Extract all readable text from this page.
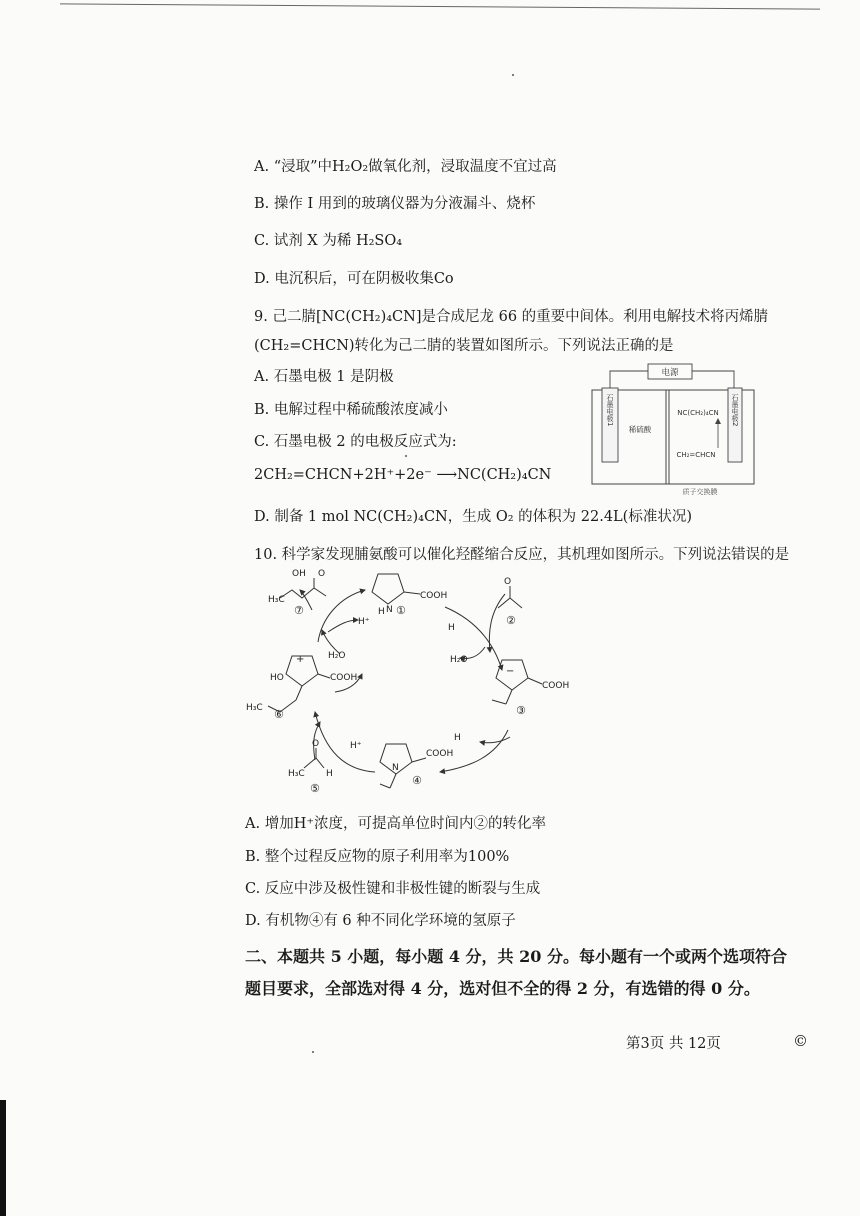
A. “浸取”中H₂O₂做氧化剂，浸取温度不宜过高
B. 操作 I 用到的玻璃仪器为分液漏斗、烧杯
C. 试剂 X 为稀 H₂SO₄
D. 电沉积后，可在阴极收集Co
9. 己二腈[NC(CH₂)₄CN]是合成尼龙 66 的重要中间体。利用电解技术将丙烯腈
(CH₂=CHCN)转化为己二腈的装置如图所示。下列说法正确的是
A. 石墨电极 1 是阴极
B. 电解过程中稀硫酸浓度减小
C. 石墨电极 2 的电极反应式为:
2CH₂=CHCN+2H⁺+2e⁻ ⟶NC(CH₂)₄CN
D. 制备 1 mol NC(CH₂)₄CN，生成 O₂ 的体积为 22.4L(标准状况)
电源
石墨电极1	石墨电极2
稀硫酸
NC(CH₂)₄CN
CH₂=CHCN
质子交换膜
10. 科学家发现脯氨酸可以催化羟醛缩合反应，其机理如图所示。下列说法错误的是
N
H
COOH
①
O
②
H
H₂O
−
COOH
③
H
COOH
N
④
H⁺
O
H₃C H
⑤
+
COOH
HO
H₃C ⑥
H₂O
H⁺
OH O
H₃C
⑦
A. 增加H⁺浓度，可提高单位时间内②的转化率
B. 整个过程反应物的原子利用率为100%
C. 反应中涉及极性键和非极性键的断裂与生成
D. 有机物④有 6 种不同化学环境的氢原子
二、本题共 5 小题，每小题 4 分，共 20 分。每小题有一个或两个选项符合
题目要求，全部选对得 4 分，选对但不全的得 2 分，有选错的得 0 分。
第3页 共 12页	©
